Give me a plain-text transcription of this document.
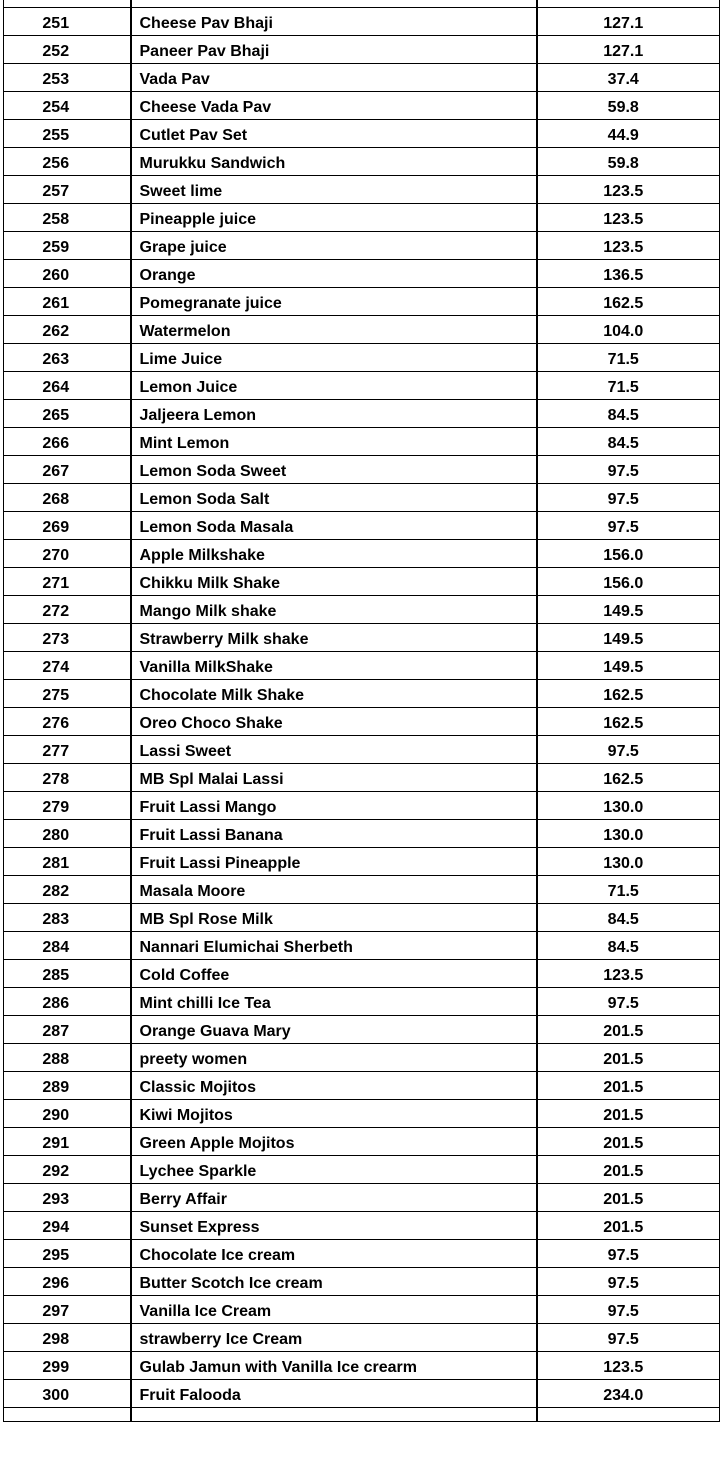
251	Cheese Pav Bhaji	127.1
252	Paneer Pav Bhaji	127.1
253	Vada Pav	37.4
254	Cheese Vada Pav	59.8
255	Cutlet Pav Set	44.9
256	Murukku Sandwich	59.8
257	Sweet lime	123.5
258	Pineapple juice	123.5
259	Grape juice	123.5
260	Orange	136.5
261	Pomegranate juice	162.5
262	Watermelon	104.0
263	Lime Juice	71.5
264	Lemon Juice	71.5
265	Jaljeera Lemon	84.5
266	Mint Lemon	84.5
267	Lemon Soda Sweet	97.5
268	Lemon Soda Salt	97.5
269	Lemon Soda Masala	97.5
270	Apple Milkshake	156.0
271	Chikku Milk Shake	156.0
272	Mango Milk shake	149.5
273	Strawberry Milk shake	149.5
274	Vanilla MilkShake	149.5
275	Chocolate Milk Shake	162.5
276	Oreo Choco Shake	162.5
277	Lassi Sweet	97.5
278	MB Spl Malai Lassi	162.5
279	Fruit Lassi Mango	130.0
280	Fruit Lassi Banana	130.0
281	Fruit Lassi Pineapple	130.0
282	Masala Moore	71.5
283	MB Spl Rose Milk	84.5
284	Nannari Elumichai Sherbeth	84.5
285	Cold Coffee	123.5
286	Mint chilli Ice Tea	97.5
287	Orange Guava Mary	201.5
288	preety women	201.5
289	Classic Mojitos	201.5
290	Kiwi Mojitos	201.5
291	Green Apple Mojitos	201.5
292	Lychee Sparkle	201.5
293	Berry Affair	201.5
294	Sunset Express	201.5
295	Chocolate Ice cream	97.5
296	Butter Scotch Ice cream	97.5
297	Vanilla Ice Cream	97.5
298	strawberry Ice Cream	97.5
299	Gulab Jamun with Vanilla Ice crearm	123.5
300	Fruit Falooda	234.0
